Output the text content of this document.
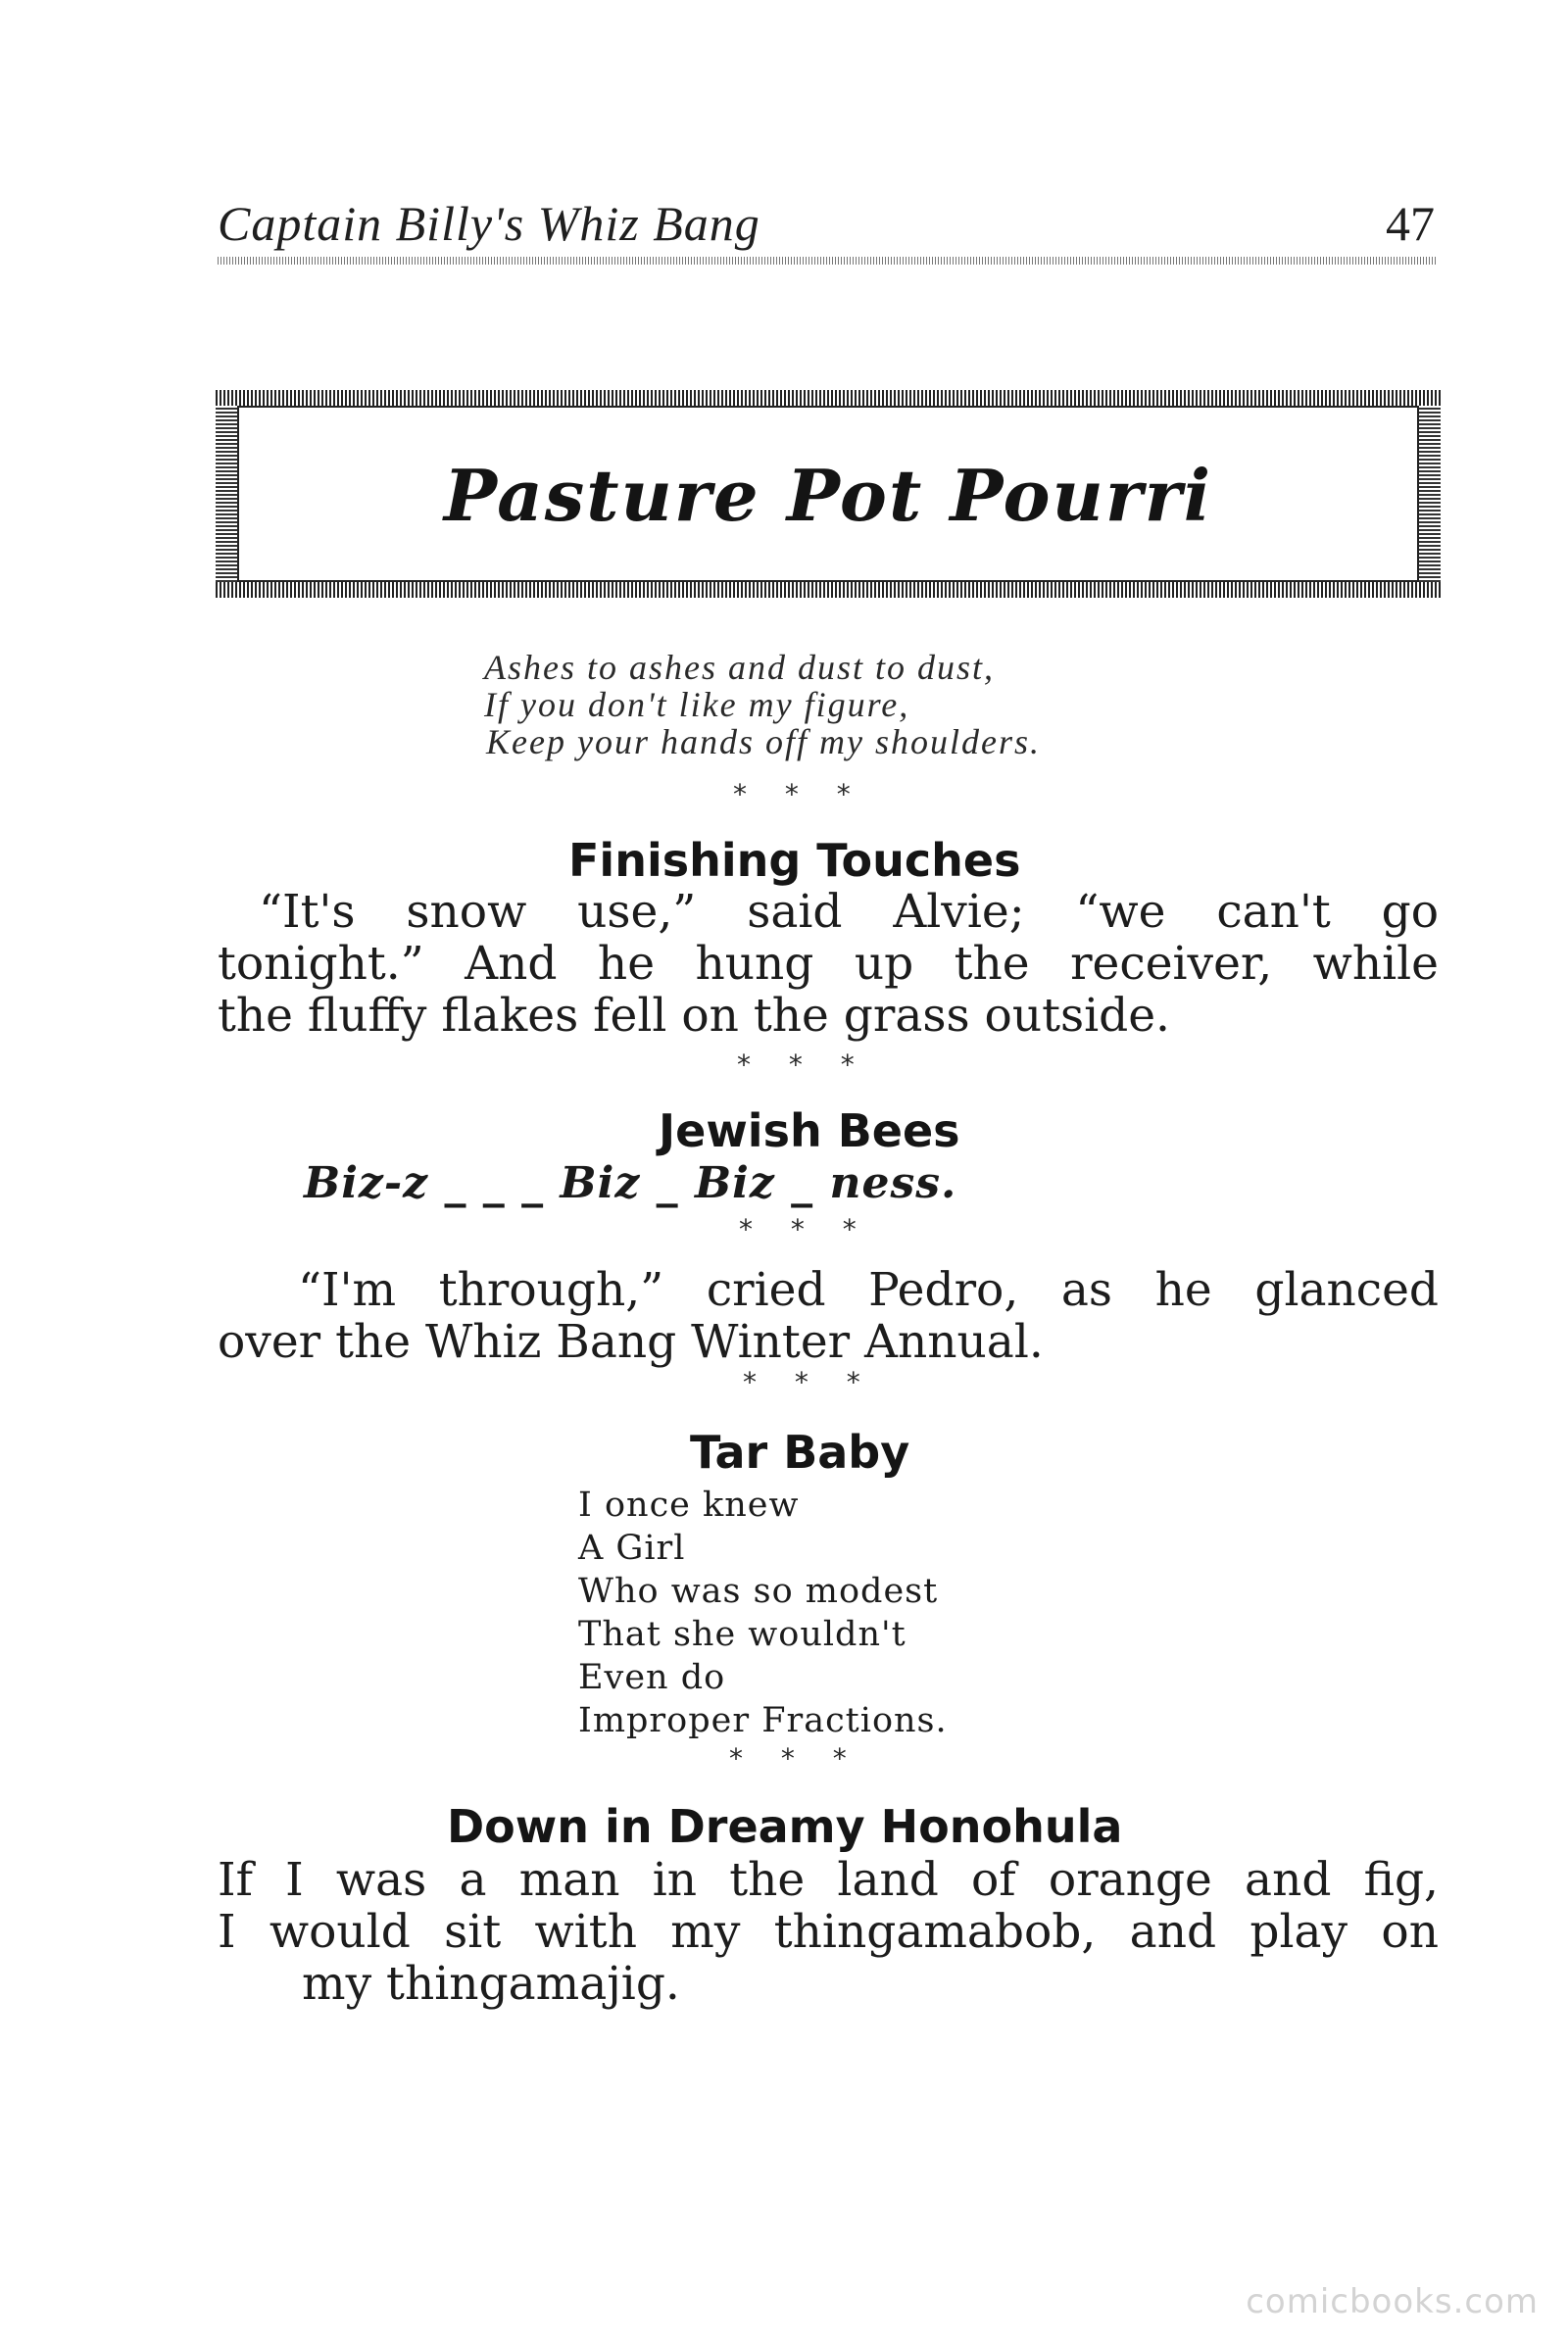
Captain Billy's Whiz Bang	47
Pasture Pot Pourri
Ashes to ashes and dust to dust,
If you don't like my figure,
Keep your hands off my shoulders.
* * *
Finishing Touches
“It's snow use,” said Alvie; “we can't go
tonight.” And he hung up the receiver, while
the fluffy flakes fell on the grass outside.
* * *
Jewish Bees
Biz-z _ _ _ Biz _ Biz _ ness.
* * *
“I'm through,” cried Pedro, as he glanced
over the Whiz Bang Winter Annual.
* * *
Tar Baby
I once knew
A Girl
Who was so modest
That she wouldn't
Even do
Improper Fractions.
* * *
Down in Dreamy Honohula
If I was a man in the land of orange and fig,
I would sit with my thingamabob, and play on
my thingamajig.
comicbooks.com
